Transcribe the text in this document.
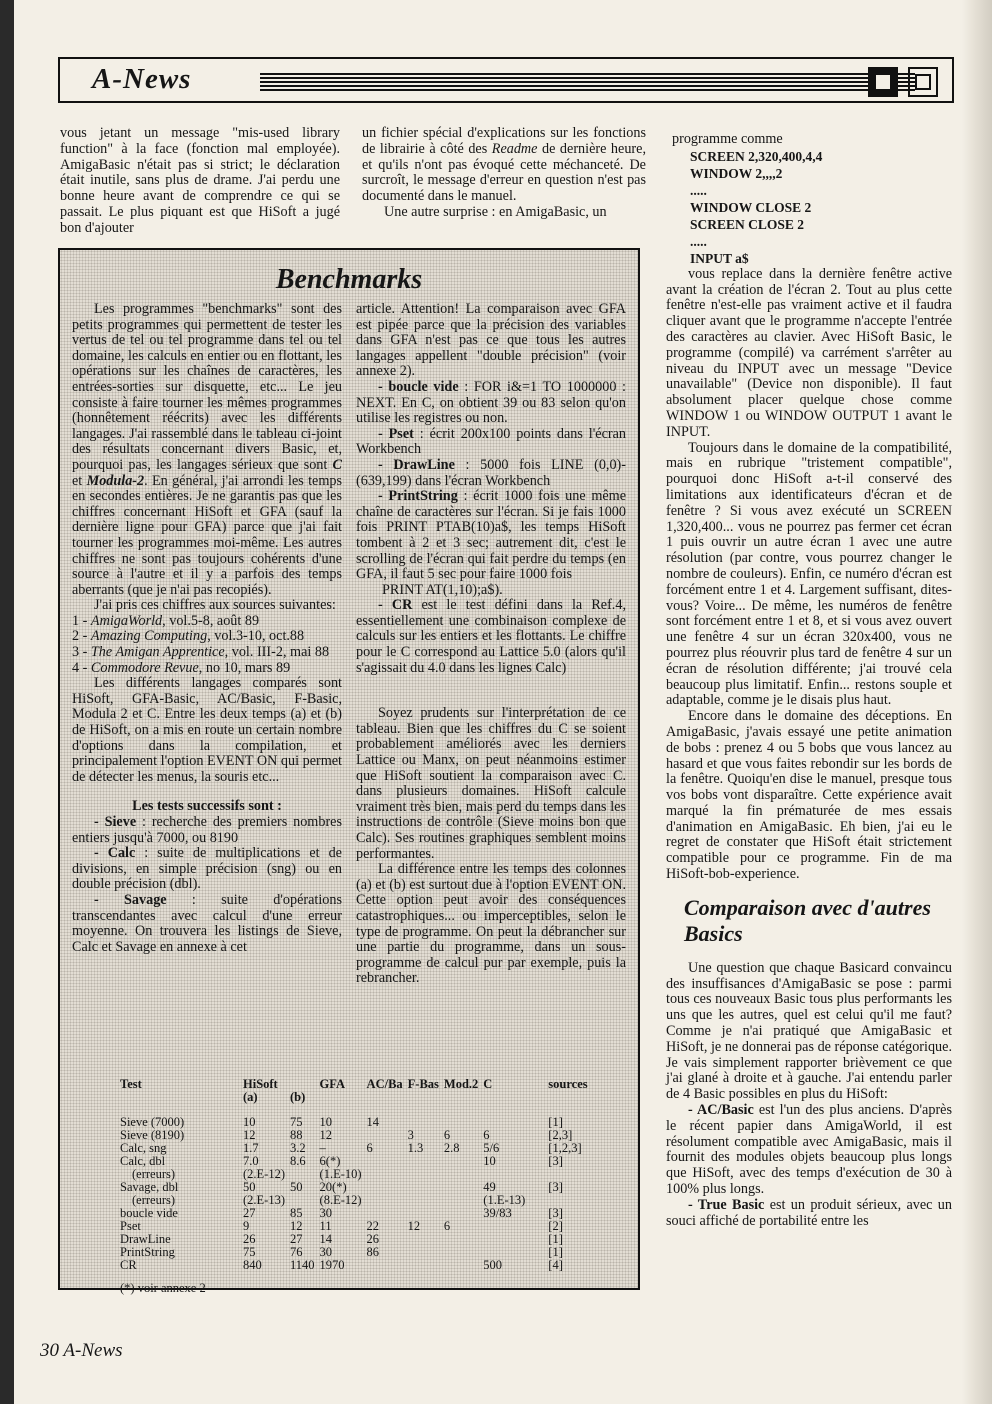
A-News

vous jetant un message "mis-used library function" à la face (fonction mal employée). AmigaBasic n'était pas si strict; le déclaration était inutile, sans plus de drame. J'ai perdu une bonne heure avant de comprendre ce qui se passait. Le plus piquant est que HiSoft a jugé bon d'ajouter

un fichier spécial d'explications sur les fonctions de librairie à côté des Readme de dernière heure, et qu'ils n'ont pas évoqué cette méchanceté. De surcroît, le message d'erreur en question n'est pas documenté dans le manuel.

Une autre surprise : en AmigaBasic, un

programme comme

SCREEN 2,320,400,4,4
WINDOW 2,,,,2
.....
WINDOW CLOSE 2
SCREEN CLOSE 2
.....
INPUT a$

vous replace dans la dernière fenêtre active avant la création de l'écran 2. Tout au plus cette fenêtre n'est-elle pas vraiment active et il faudra cliquer avant que le programme n'accepte l'entrée des caractères au clavier. Avec HiSoft Basic, le programme (compilé) va carrément s'arrêter au niveau du INPUT avec un message "Device unavailable" (Device non disponible). Il faut absolument placer quelque chose comme WINDOW 1 ou WINDOW OUTPUT 1 avant le INPUT.

Toujours dans le domaine de la compatibilité, mais en rubrique "tristement compatible", pourquoi donc HiSoft a-t-il conservé des limitations aux identificateurs d'écran et de fenêtre ? Si vous avez exécuté un SCREEN 1,320,400... vous ne pourrez pas fermer cet écran 1 puis ouvrir un autre écran 1 avec une autre résolution (par contre, vous pourrez changer le nombre de couleurs). Enfin, ce numéro d'écran est forcément entre 1 et 4. Largement suffisant, dites-vous? Voire... De même, les numéros de fenêtre sont forcément entre 1 et 8, et si vous avez ouvert une fenêtre 4 sur un écran 320x400, vous ne pourrez plus réouvrir plus tard de fenêtre 4 sur un écran de résolution différente; j'ai trouvé cela beaucoup plus limitatif. Enfin... restons souple et adaptable, comme je le disais plus haut.

Encore dans le domaine des déceptions. En AmigaBasic, j'avais essayé une petite animation de bobs : prenez 4 ou 5 bobs que vous lancez au hasard et que vous faites rebondir sur les bords de la fenêtre. Quoiqu'en dise le manuel, presque tous vos bobs vont disparaître. Cette expérience avait marqué la fin prématurée de mes essais d'animation en AmigaBasic. Eh bien, j'ai eu le regret de constater que HiSoft était strictement compatible pour ce programme. Fin de ma HiSoft-bob-experience.

Comparaison avec d'autres Basics

Une question que chaque Basicard convaincu des insuffisances d'AmigaBasic se pose : parmi tous ces nouveaux Basic tous plus performants les uns que les autres, quel est celui qu'il me faut? Comme je n'ai pratiqué que AmigaBasic et HiSoft, je ne donnerai pas de réponse catégorique. Je vais simplement rapporter brièvement ce que j'ai glané à droite et à gauche. J'ai entendu parler de 4 Basic possibles en plus du HiSoft:

- AC/Basic est l'un des plus anciens. D'après le récent papier dans AmigaWorld, il est résolument compatible avec AmigaBasic, mais il fournit des modules objets beaucoup plus longs que HiSoft, avec des temps d'exécution de 30 à 100% plus longs.

- True Basic est un produit sérieux, avec un souci affiché de portabilité entre les

Benchmarks

Les programmes "benchmarks" sont des petits programmes qui permettent de tester les vertus de tel ou tel programme dans tel ou tel domaine, les calculs en entier ou en flottant, les opérations sur les chaînes de caractères, les entrées-sorties sur disquette, etc... Le jeu consiste à faire tourner les mêmes programmes (honnêtement réécrits) avec les différents langages. J'ai rassemblé dans le tableau ci-joint des résultats concernant divers Basic, et, pourquoi pas, les langages sérieux que sont C et Modula-2. En général, j'ai arrondi les temps en secondes entières. Je ne garantis pas que les chiffres concernant HiSoft et GFA (sauf la dernière ligne pour GFA) parce que j'ai fait tourner les programmes moi-même. Les autres chiffres ne sont pas toujours cohérents d'une source à l'autre et il y a parfois des temps aberrants (que je n'ai pas recopiés).

J'ai pris ces chiffres aux sources suivantes:

1 - AmigaWorld, vol.5-8, août 89
2 - Amazing Computing, vol.3-10, oct.88
3 - The Amigan Apprentice, vol. III-2, mai 88
4 - Commodore Revue, no 10, mars 89

Les différents langages comparés sont HiSoft, GFA-Basic, AC/Basic, F-Basic, Modula 2 et C. Entre les deux temps (a) et (b) de HiSoft, on a mis en route un certain nombre d'options dans la compilation, et principalement l'option EVENT ON qui permet de détecter les menus, la souris etc...

Les tests successifs sont :

- Sieve : recherche des premiers nombres entiers jusqu'à 7000, ou 8190

- Calc : suite de multiplications et de divisions, en simple précision (sng) ou en double précision (dbl).

- Savage : suite d'opérations transcendantes avec calcul d'une erreur moyenne. On trouvera les listings de Sieve, Calc et Savage en annexe à cet

article. Attention! La comparaison avec GFA est pipée parce que la précision des variables dans GFA n'est pas ce que tous les autres langages appellent "double précision" (voir annexe 2).

- boucle vide : FOR i&=1 TO 1000000 : NEXT. En C, on obtient 39 ou 83 selon qu'on utilise les registres ou non.

- Pset : écrit 200x100 points dans l'écran Workbench

- DrawLine : 5000 fois LINE (0,0)-(639,199) dans l'écran Workbench

- PrintString : écrit 1000 fois une même chaîne de caractères sur l'écran. Si je fais 1000 fois PRINT PTAB(10)a$, les temps HiSoft tombent à 2 et 3 sec; autrement dit, c'est le scrolling de l'écran qui fait perdre du temps (en GFA, il faut 5 sec pour faire 1000 fois

PRINT AT(1,10);a$).

- CR est le test défini dans la Ref.4, essentiellement une combinaison complexe de calculs sur les entiers et les flottants. Le chiffre pour le C correspond au Lattice 5.0 (alors qu'il s'agissait du 4.0 dans les lignes Calc)

Soyez prudents sur l'interprétation de ce tableau. Bien que les chiffres du C se soient probablement améliorés avec les derniers Lattice ou Manx, on peut néanmoins estimer que HiSoft soutient la comparaison avec C. dans plusieurs domaines. HiSoft calcule vraiment très bien, mais perd du temps dans les instructions de contrôle (Sieve moins bon que Calc). Ses routines graphiques semblent moins performantes.

La différence entre les temps des colonnes (a) et (b) est surtout due à l'option EVENT ON. Cette option peut avoir des conséquences catastrophiques... ou imperceptibles, selon le type de programme. On peut la débrancher sur une partie du programme, dans un sous-programme de calcul pur par exemple, puis la rebrancher.

Test	HiSoft		GFA	AC/Ba	F-Bas	Mod.2	C	sources
	(a)	(b)						

Sieve (7000)	10	75	10	14				[1]
Sieve (8190)	12	88	12		3	6	6	[2,3]
Calc, sng	1.7	3.2	–	6	1.3	2.8	5/6	[1,2,3]
Calc, dbl	7.0	8.6	6(*)				10	[3]
(erreurs)	(2.E-12)		(1.E-10)					
Savage, dbl	50	50	20(*)				49	[3]
(erreurs)	(2.E-13)		(8.E-12)				(1.E-13)	
boucle vide	27	85	30				39/83	[3]
Pset	9	12	11	22	12	6		[2]
DrawLine	26	27	14	26				[1]
PrintString	75	76	30	86				[1]
CR	840	1140	1970				500	[4]

(*) voir annexe 2								
30 A-News
